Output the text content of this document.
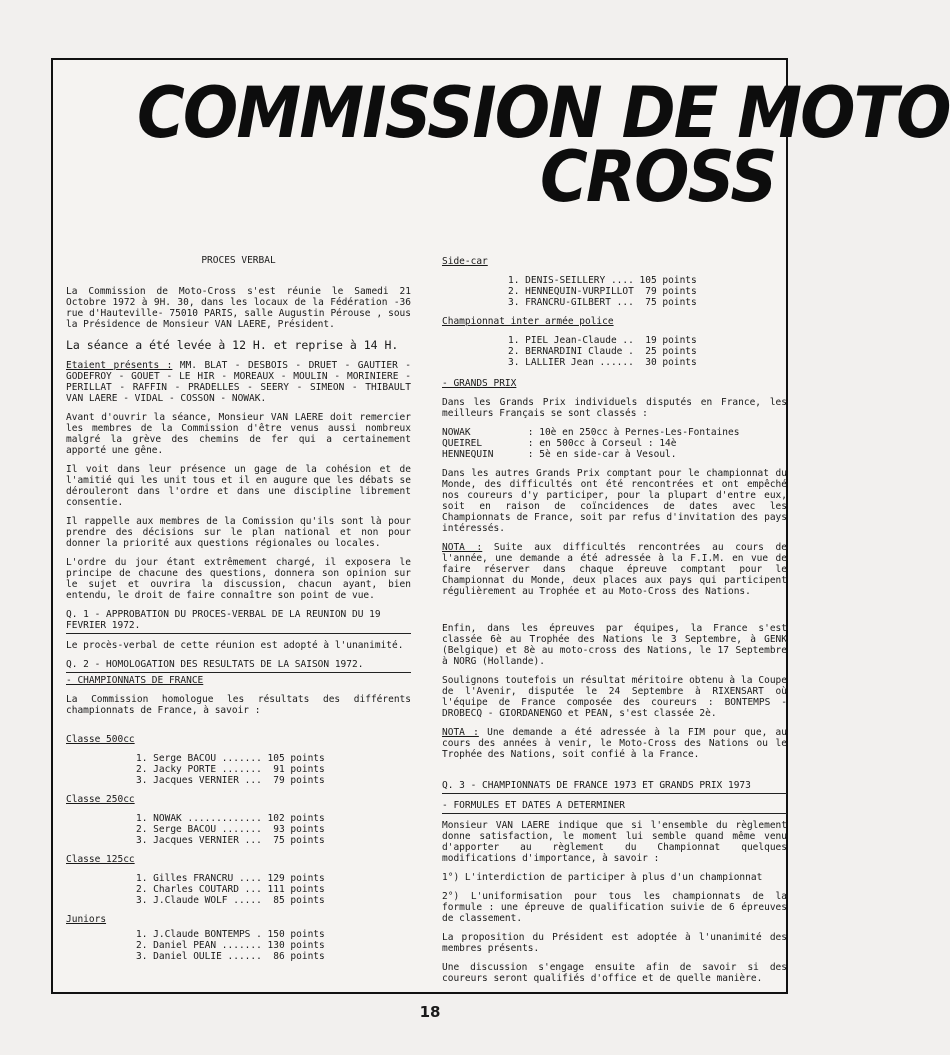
COMMISSION DE MOTO
CROSS
PROCES VERBAL

La Commission de Moto-Cross s'est réunie le Samedi 21 Octobre 1972 à 9H. 30, dans les locaux de la Fédération -36 rue d'Hauteville- 75010 PARIS, salle Augustin Pérouse , sous la Présidence de Monsieur VAN LAERE, Président.

La séance a été levée à 12 H. et reprise à 14 H.

Etaient présents : MM. BLAT - DESBOIS - DRUET - GAUTIER - GODEFROY - GOUET - LE HIR - MOREAUX - MOULIN - MORINIERE - PERILLAT - RAFFIN - PRADELLES - SEERY - SIMEON - THIBAULT VAN LAERE - VIDAL - COSSON - NOWAK.

Avant d'ouvrir la séance, Monsieur VAN LAERE doit remercier les membres de la Commission d'être venus aussi nombreux malgré la grève des chemins de fer qui a certainement apporté une gêne.

Il voit dans leur présence un gage de la cohésion et de l'amitié qui les unit tous et il en augure que les débats se dérouleront dans l'ordre et dans une discipline librement consentie.

Il rappelle aux membres de la Comission qu'ils sont là pour prendre des décisions sur le plan national et non pour donner la priorité aux questions régionales ou locales.

L'ordre du jour étant extrêmement chargé, il exposera le principe de chacune des questions, donnera son opinion sur le sujet et ouvrira la discussion, chacun ayant, bien entendu, le droit de faire connaître son point de vue.

Q. 1 - APPROBATION DU PROCES-VERBAL DE LA REUNION DU 19 FEVRIER 1972.

Le procès-verbal de cette réunion est adopté à l'unanimité.

Q. 2 - HOMOLOGATION DES RESULTATS DE LA SAISON 1972.
- CHAMPIONNATS DE FRANCE

La Commission homologue les résultats des différents championnats de France, à savoir :

Classe 500cc
1. Serge BACOU ....... 105 points
2. Jacky PORTE .......  91 points
3. Jacques VERNIER ...  79 points
Classe 250cc
1. NOWAK ............. 102 points
2. Serge BACOU .......  93 points
3. Jacques VERNIER ...  75 points
Classe 125cc
1. Gilles FRANCRU .... 129 points
2. Charles COUTARD ... 111 points
3. J.Claude WOLF .....  85 points
Juniors
1. J.Claude BONTEMPS . 150 points
2. Daniel PEAN ....... 130 points
3. Daniel OULIE ......  86 points
Side-car
1. DENIS-SEILLERY .... 105 points
2. HENNEQUIN-VURPILLOT  79 points
3. FRANCRU-GILBERT ...  75 points
Championnat inter armée police
1. PIEL Jean-Claude ..  19 points
2. BERNARDINI Claude .  25 points
3. LALLIER Jean ......  30 points
- GRANDS PRIX

Dans les Grands Prix individuels disputés en France, les meilleurs Français se sont classés :

NOWAK          : 10è en 250cc à Pernes-Les-Fontaines
QUEIREL        : en 500cc à Corseul : 14è
HENNEQUIN      : 5è en side-car à Vesoul.

Dans les autres Grands Prix comptant pour le championnat du Monde, des difficultés ont été rencontrées et ont empêché nos coureurs d'y participer, pour la plupart d'entre eux, soit en raison de coïncidences de dates avec les Championnats de France, soit par refus d'invitation des pays intéressés.

NOTA : Suite aux difficultés rencontrées au cours de l'année, une demande a été adressée à la F.I.M. en vue de faire réserver dans chaque épreuve comptant pour le Championnat du Monde, deux places aux pays qui participent régulièrement au Trophée et au Moto-Cross des Nations.

Enfin, dans les épreuves par équipes, la France s'est classée 6è au Trophée des Nations le 3 Septembre, à GENK (Belgique) et 8è au moto-cross des Nations, le 17 Septembre à NORG (Hollande).

Soulignons toutefois un résultat méritoire obtenu à la Coupe de l'Avenir, disputée le 24 Septembre à RIXENSART où l'équipe de France composée des coureurs : BONTEMPS - DROBECQ - GIORDANENGO et PEAN, s'est classée 2è.

NOTA : Une demande a été adressée à la FIM pour que, au cours des années à venir, le Moto-Cross des Nations ou le Trophée des Nations, soit confié à la France.

Q. 3 - CHAMPIONNATS DE FRANCE 1973 ET GRANDS PRIX 1973
- FORMULES ET DATES A DETERMINER

Monsieur VAN LAERE indique que si l'ensemble du règlement donne satisfaction, le moment lui semble quand même venu d'apporter au règlement du Championnat quelques modifications d'importance, à savoir :

1°) L'interdiction de participer à plus d'un championnat

2°) L'uniformisation pour tous les championnats de la formule : une épreuve de qualification suivie de 6 épreuves de classement.

La proposition du Président est adoptée à l'unanimité des membres présents.

Une discussion s'engage ensuite afin de savoir si des coureurs seront qualifiés d'office et de quelle manière.

18
